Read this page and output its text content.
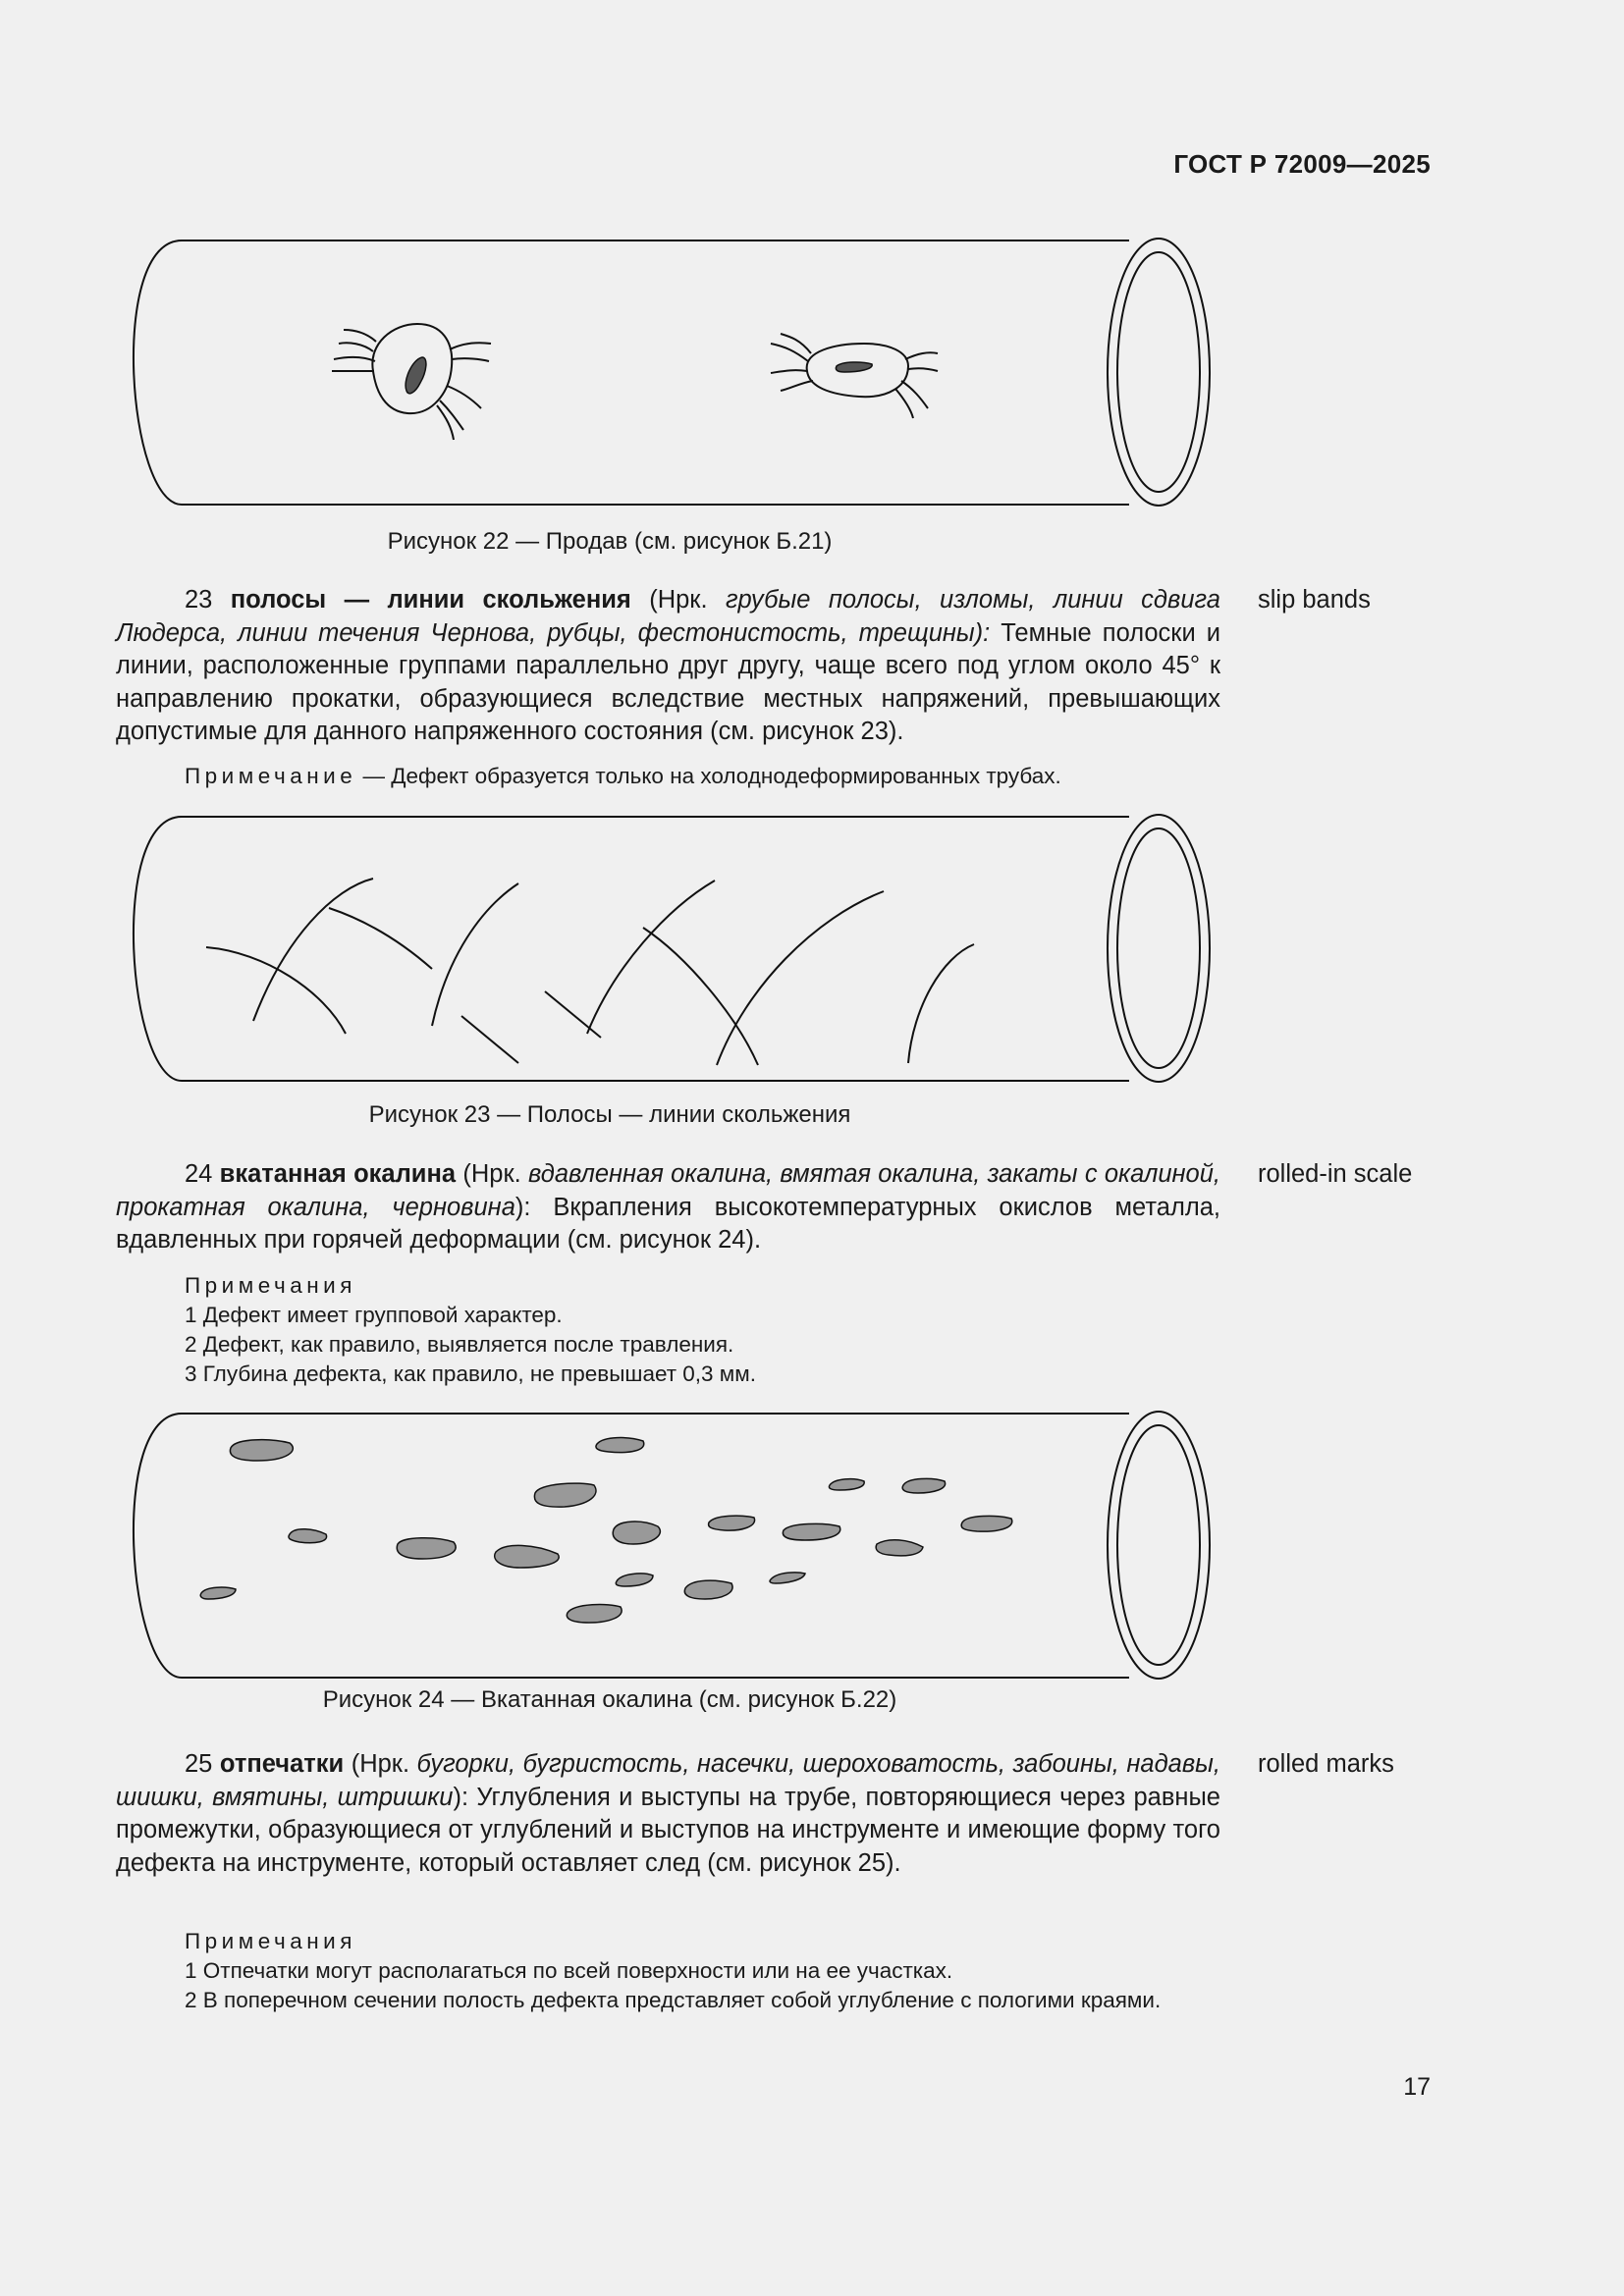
ГОСТ Р 72009—2025
Рисунок 22 — Продав (см. рисунок Б.21)
23 полосы — линии скольжения (Нрк. грубые полосы, изломы, линии сдвига Людерса, линии течения Чернова, рубцы, фестонистость, трещины): Темные полоски и линии, расположенные группами параллельно друг другу, чаще всего под углом около 45° к направлению прокатки, образующиеся вследствие местных напряжений, превышающих допустимые для данного напряженного состояния (см. рисунок 23).
slip bands
Примечание — Дефект образуется только на холоднодеформированных трубах.
Рисунок 23 — Полосы — линии скольжения
24 вкатанная окалина (Нрк. вдавленная окалина, вмятая окалина, закаты с окалиной, прокатная окалина, черновина): Вкрапления высокотемпературных окислов металла, вдавленных при горячей деформации (см. рисунок 24).
rolled-in scale
Примечания
1 Дефект имеет групповой характер.
2 Дефект, как правило, выявляется после травления.
3 Глубина дефекта, как правило, не превышает 0,3 мм.
Рисунок 24 — Вкатанная окалина (см. рисунок Б.22)
25 отпечатки (Нрк. бугорки, бугристость, насечки, шероховатость, забоины, надавы, шишки, вмятины, штришки): Углубления и выступы на трубе, повторяющиеся через равные промежутки, образующиеся от углублений и выступов на инструменте и имеющие форму того дефекта на инструменте, который оставляет след (см. рисунок 25).
rolled marks
Примечания
1 Отпечатки могут располагаться по всей поверхности или на ее участках.
2 В поперечном сечении полость дефекта представляет собой углубление с пологими краями.
17
